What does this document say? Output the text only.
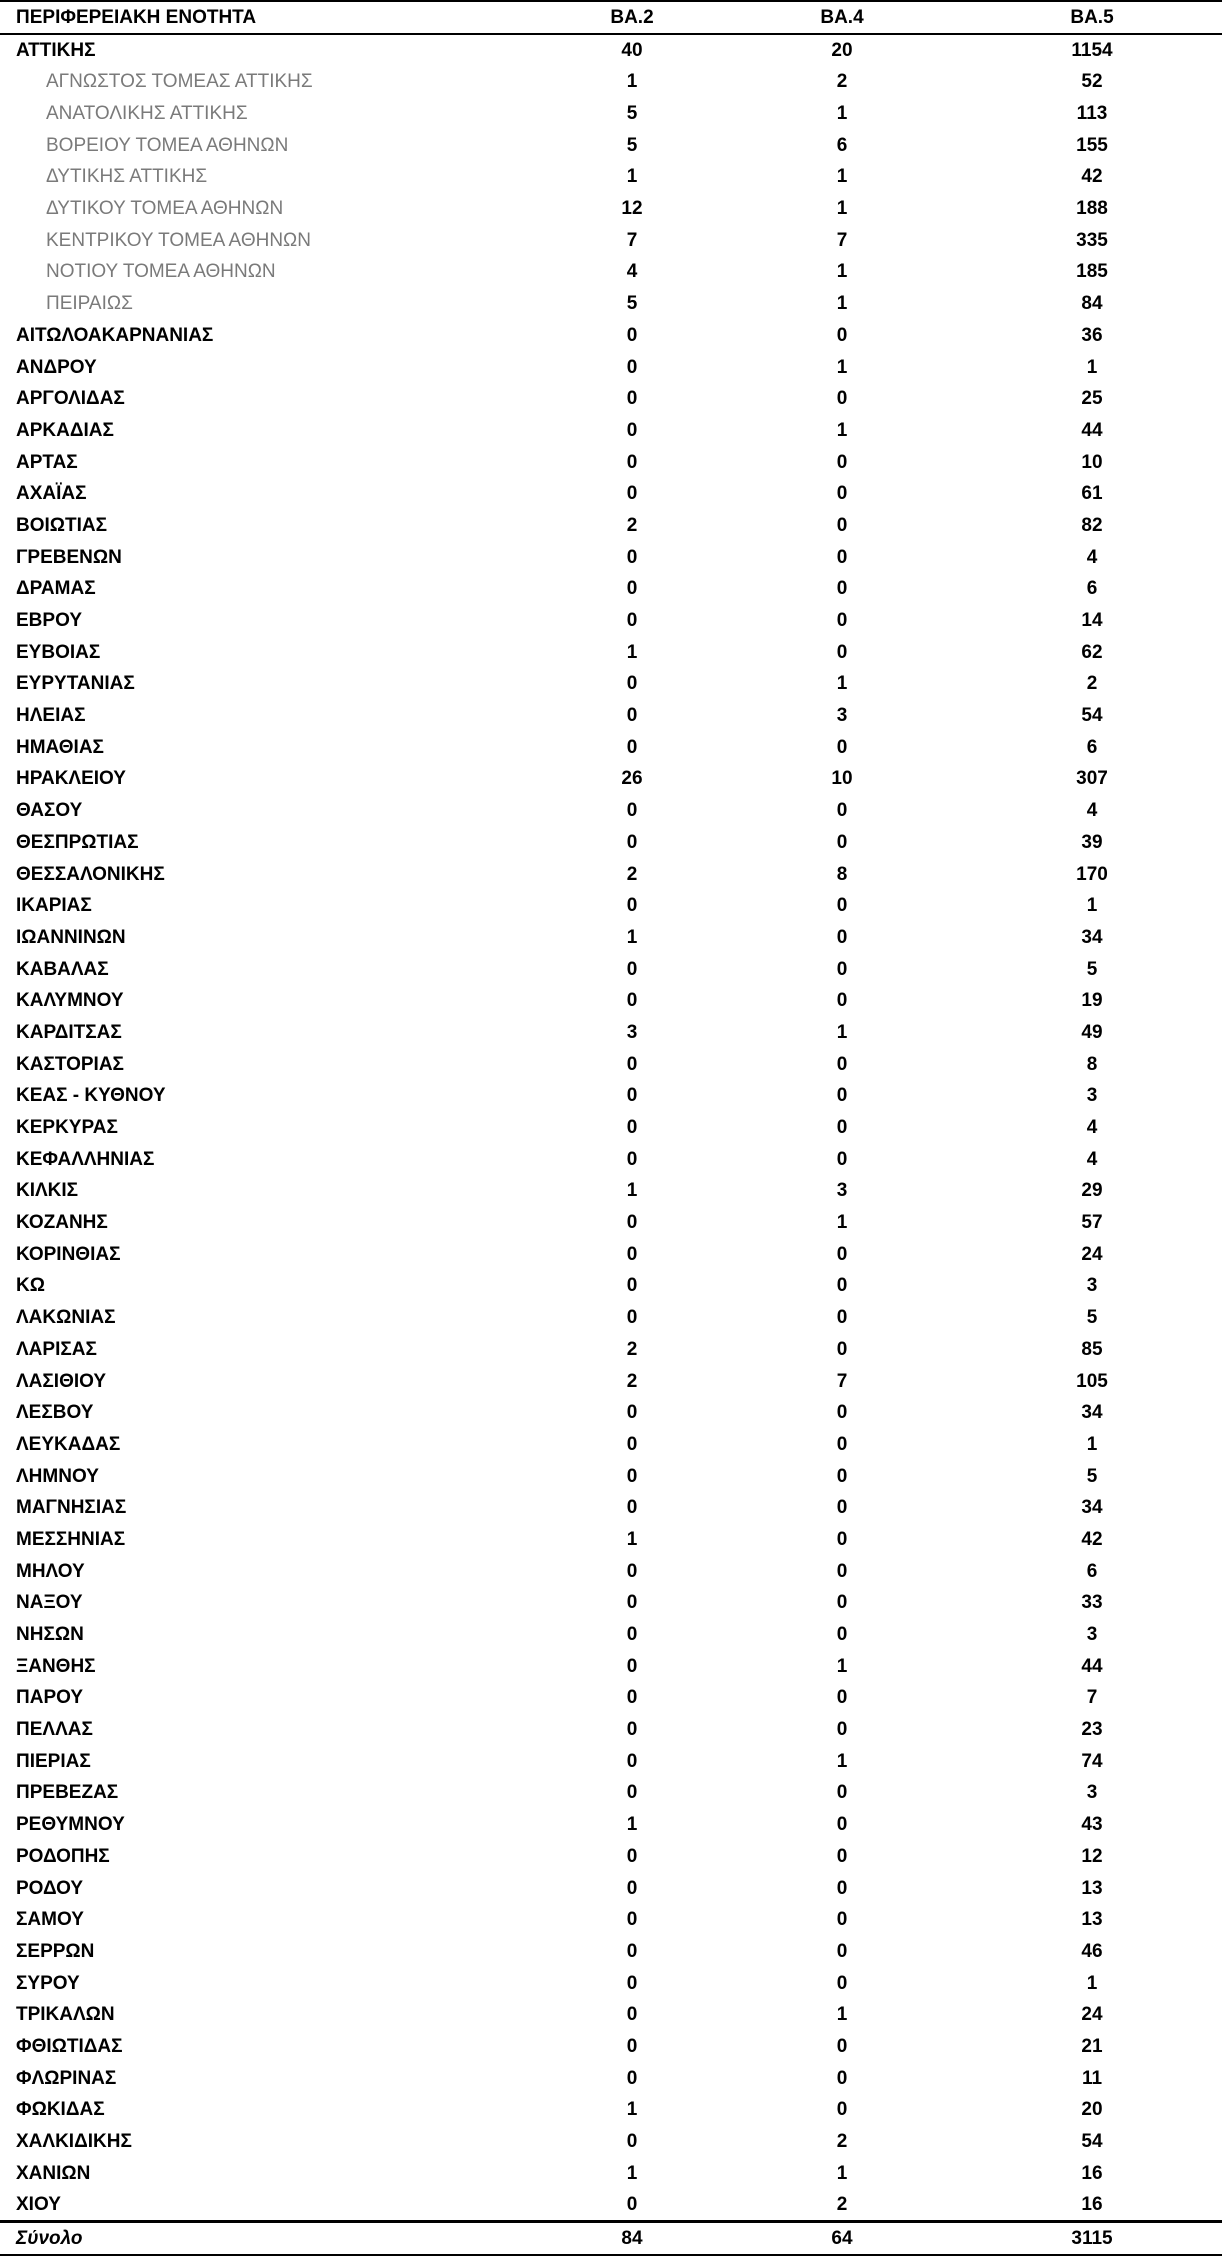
ΠΕΡΙΦΕΡΕΙΑΚΗ ΕΝΟΤΗΤΑ	BA.2	BA.4	BA.5
ΑΤΤΙΚΗΣ	40	20	1154
ΑΓΝΩΣΤΟΣ ΤΟΜΕΑΣ ΑΤΤΙΚΗΣ	1	2	52
ΑΝΑΤΟΛΙΚΗΣ ΑΤΤΙΚΗΣ	5	1	113
ΒΟΡΕΙΟΥ ΤΟΜΕΑ ΑΘΗΝΩΝ	5	6	155
ΔΥΤΙΚΗΣ ΑΤΤΙΚΗΣ	1	1	42
ΔΥΤΙΚΟΥ ΤΟΜΕΑ ΑΘΗΝΩΝ	12	1	188
ΚΕΝΤΡΙΚΟΥ ΤΟΜΕΑ ΑΘΗΝΩΝ	7	7	335
ΝΟΤΙΟΥ ΤΟΜΕΑ ΑΘΗΝΩΝ	4	1	185
ΠΕΙΡΑΙΩΣ	5	1	84
ΑΙΤΩΛΟΑΚΑΡΝΑΝΙΑΣ	0	0	36
ΑΝΔΡΟΥ	0	1	1
ΑΡΓΟΛΙΔΑΣ	0	0	25
ΑΡΚΑΔΙΑΣ	0	1	44
ΑΡΤΑΣ	0	0	10
ΑΧΑΪΑΣ	0	0	61
ΒΟΙΩΤΙΑΣ	2	0	82
ΓΡΕΒΕΝΩΝ	0	0	4
ΔΡΑΜΑΣ	0	0	6
ΕΒΡΟΥ	0	0	14
ΕΥΒΟΙΑΣ	1	0	62
ΕΥΡΥΤΑΝΙΑΣ	0	1	2
ΗΛΕΙΑΣ	0	3	54
ΗΜΑΘΙΑΣ	0	0	6
ΗΡΑΚΛΕΙΟΥ	26	10	307
ΘΑΣΟΥ	0	0	4
ΘΕΣΠΡΩΤΙΑΣ	0	0	39
ΘΕΣΣΑΛΟΝΙΚΗΣ	2	8	170
ΙΚΑΡΙΑΣ	0	0	1
ΙΩΑΝΝΙΝΩΝ	1	0	34
ΚΑΒΑΛΑΣ	0	0	5
ΚΑΛΥΜΝΟΥ	0	0	19
ΚΑΡΔΙΤΣΑΣ	3	1	49
ΚΑΣΤΟΡΙΑΣ	0	0	8
ΚΕΑΣ - ΚΥΘΝΟΥ	0	0	3
ΚΕΡΚΥΡΑΣ	0	0	4
ΚΕΦΑΛΛΗΝΙΑΣ	0	0	4
ΚΙΛΚΙΣ	1	3	29
ΚΟΖΑΝΗΣ	0	1	57
ΚΟΡΙΝΘΙΑΣ	0	0	24
ΚΩ	0	0	3
ΛΑΚΩΝΙΑΣ	0	0	5
ΛΑΡΙΣΑΣ	2	0	85
ΛΑΣΙΘΙΟΥ	2	7	105
ΛΕΣΒΟΥ	0	0	34
ΛΕΥΚΑΔΑΣ	0	0	1
ΛΗΜΝΟΥ	0	0	5
ΜΑΓΝΗΣΙΑΣ	0	0	34
ΜΕΣΣΗΝΙΑΣ	1	0	42
ΜΗΛΟΥ	0	0	6
ΝΑΞΟΥ	0	0	33
ΝΗΣΩΝ	0	0	3
ΞΑΝΘΗΣ	0	1	44
ΠΑΡΟΥ	0	0	7
ΠΕΛΛΑΣ	0	0	23
ΠΙΕΡΙΑΣ	0	1	74
ΠΡΕΒΕΖΑΣ	0	0	3
ΡΕΘΥΜΝΟΥ	1	0	43
ΡΟΔΟΠΗΣ	0	0	12
ΡΟΔΟΥ	0	0	13
ΣΑΜΟΥ	0	0	13
ΣΕΡΡΩΝ	0	0	46
ΣΥΡΟΥ	0	0	1
ΤΡΙΚΑΛΩΝ	0	1	24
ΦΘΙΩΤΙΔΑΣ	0	0	21
ΦΛΩΡΙΝΑΣ	0	0	11
ΦΩΚΙΔΑΣ	1	0	20
ΧΑΛΚΙΔΙΚΗΣ	0	2	54
ΧΑΝΙΩΝ	1	1	16
ΧΙΟΥ	0	2	16
Σύνολο	84	64	3115
